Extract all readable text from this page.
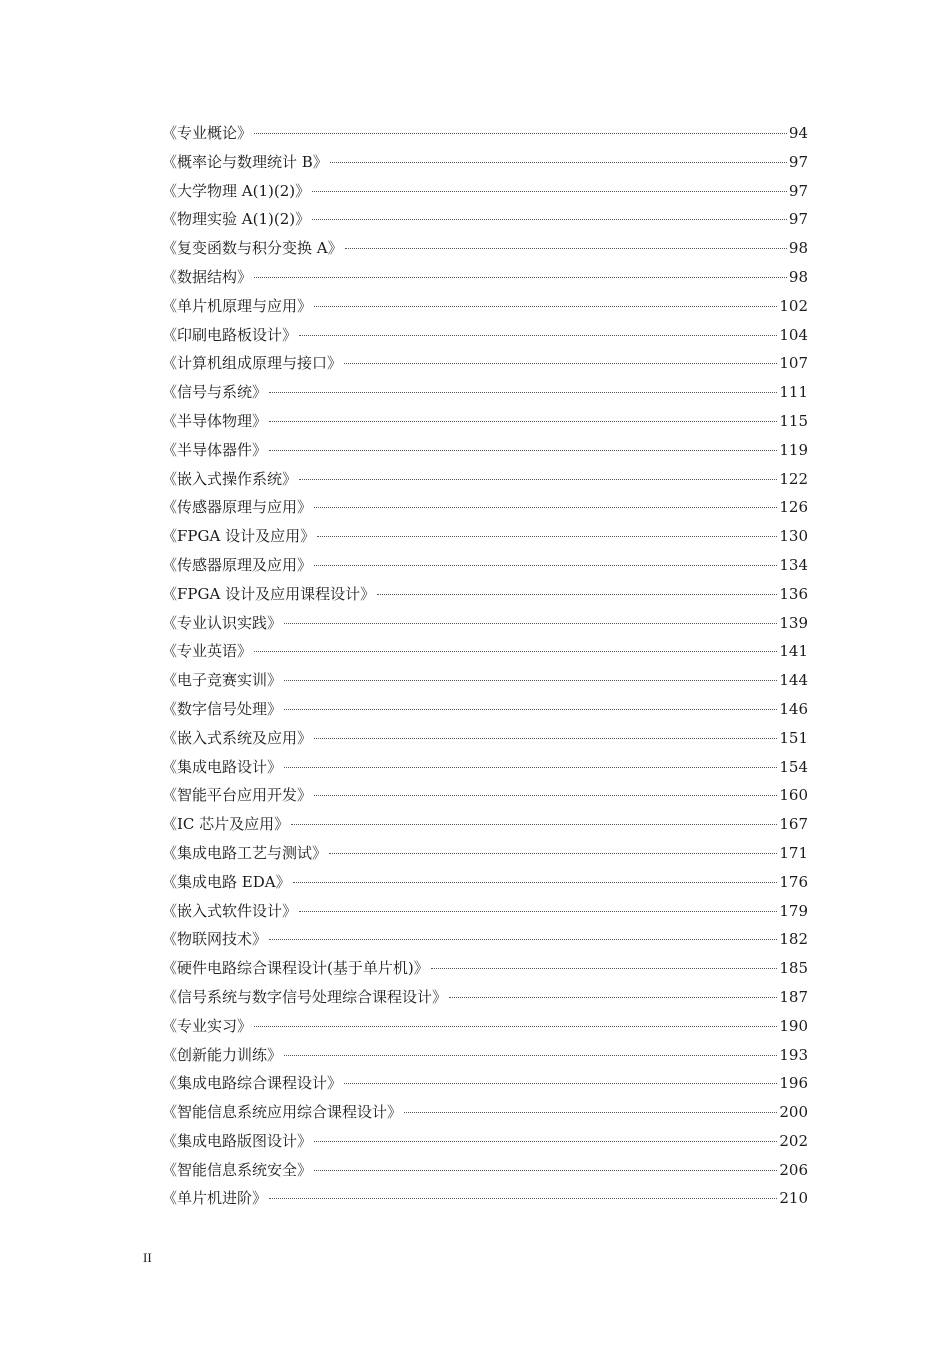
《专业概论》	94
《概率论与数理统计 B》	97
《大学物理 A(1)(2)》	97
《物理实验 A(1)(2)》	97
《复变函数与积分变换 A》	98
《数据结构》	98
《单片机原理与应用》	102
《印刷电路板设计》	104
《计算机组成原理与接口》	107
《信号与系统》	111
《半导体物理》	115
《半导体器件》	119
《嵌入式操作系统》	122
《传感器原理与应用》	126
《FPGA 设计及应用》	130
《传感器原理及应用》	134
《FPGA 设计及应用课程设计》	136
《专业认识实践》	139
《专业英语》	141
《电子竞赛实训》	144
《数字信号处理》	146
《嵌入式系统及应用》	151
《集成电路设计》	154
《智能平台应用开发》	160
《IC 芯片及应用》	167
《集成电路工艺与测试》	171
《集成电路 EDA》	176
《嵌入式软件设计》	179
《物联网技术》	182
《硬件电路综合课程设计(基于单片机)》	185
《信号系统与数字信号处理综合课程设计》	187
《专业实习》	190
《创新能力训练》	193
《集成电路综合课程设计》	196
《智能信息系统应用综合课程设计》	200
《集成电路版图设计》	202
《智能信息系统安全》	206
《单片机进阶》	210
II
